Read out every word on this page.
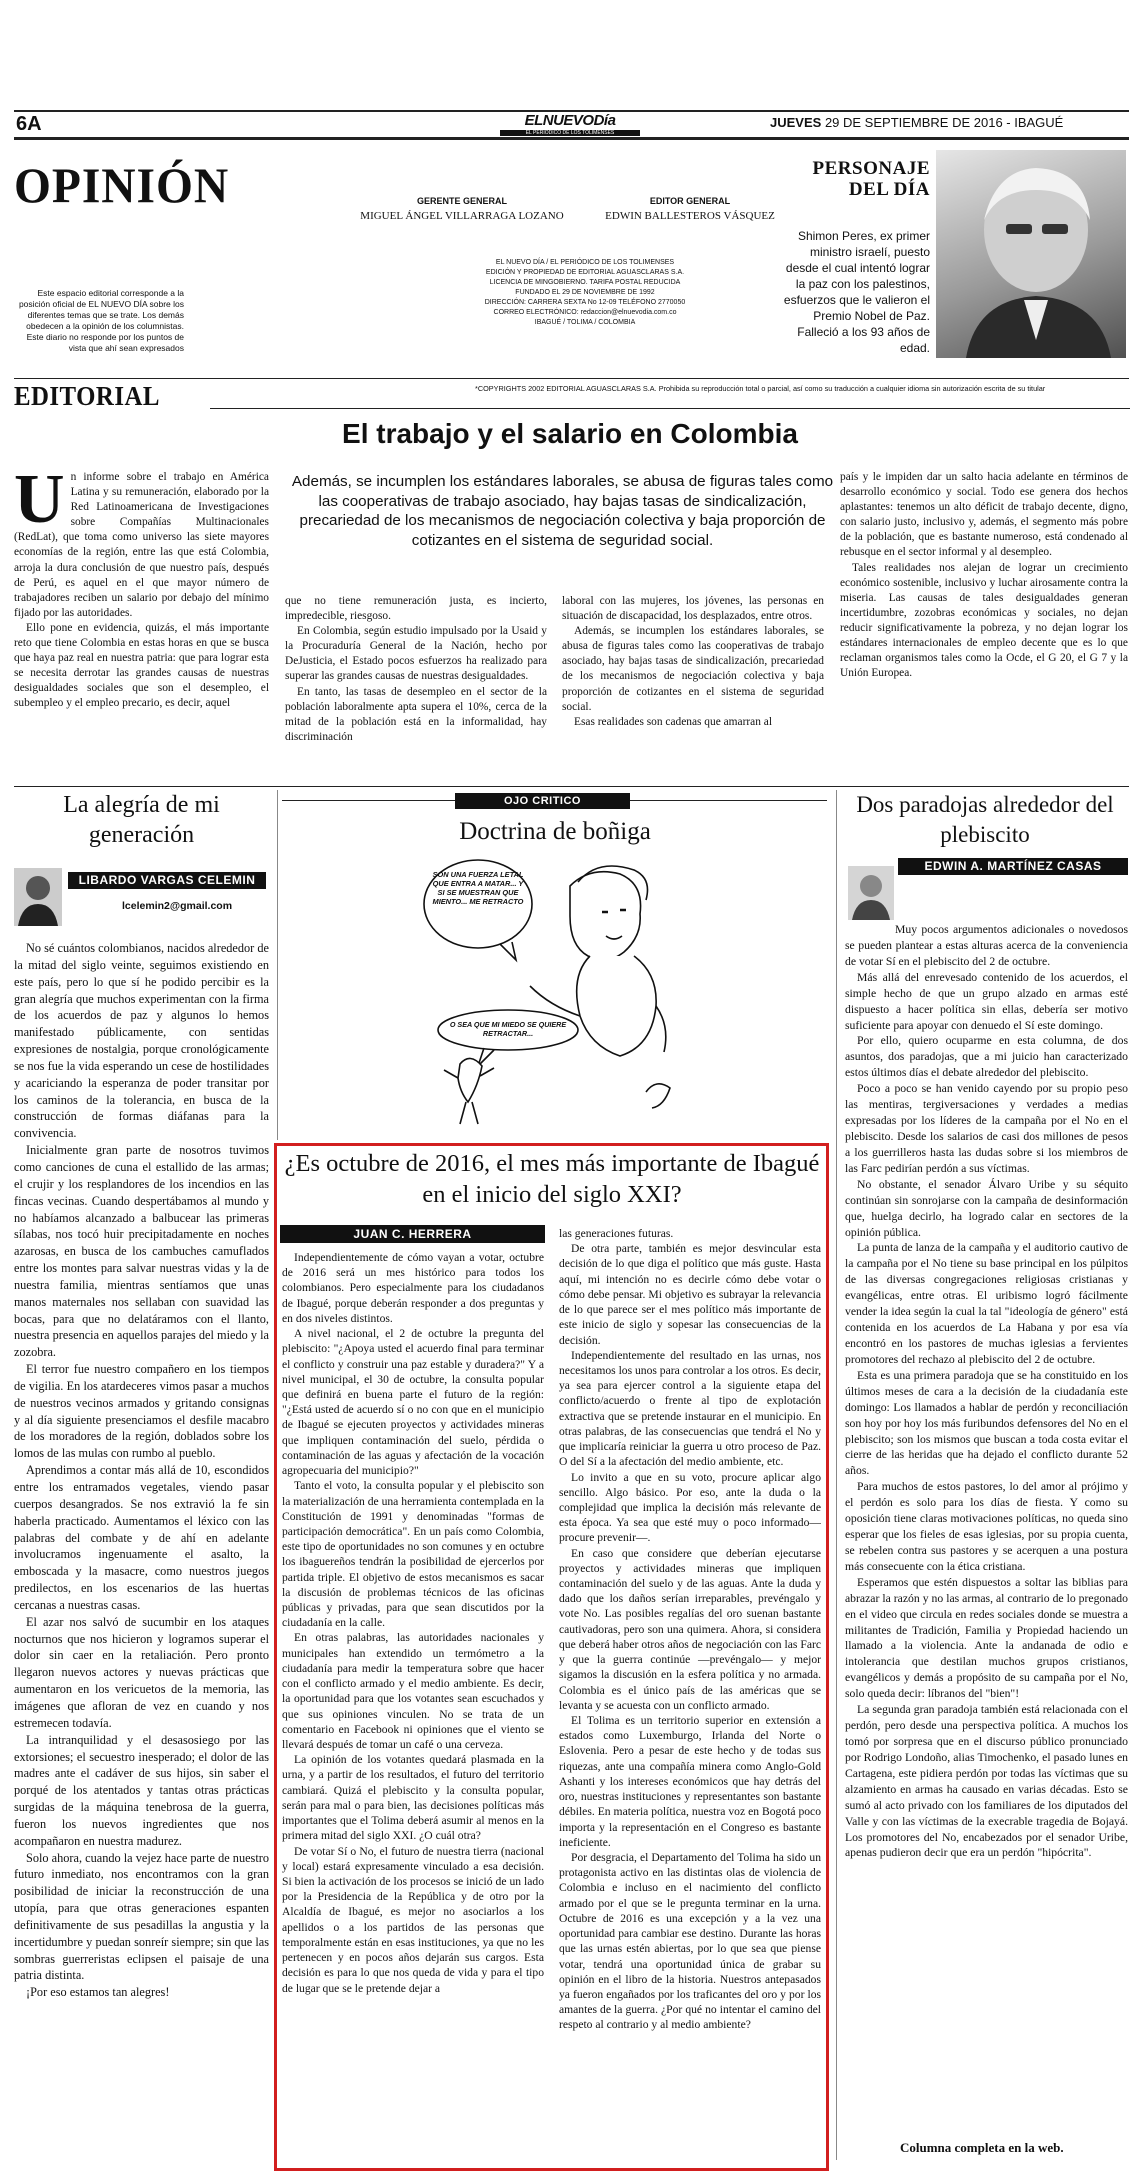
6A	ELNUEVODía
EL PERIÓDICO DE LOS TOLIMENSES
JUEVES 29 DE SEPTIEMBRE DE 2016 - IBAGUÉ
OPINIÓN
Este espacio editorial corresponde a la posición oficial de EL NUEVO DÍA sobre los diferentes temas que se trate. Los demás obedecen a la opinión de los columnistas. Este diario no responde por los puntos de vista que ahí sean expresados
GERENTE GENERAL
MIGUEL ÁNGEL VILLARRAGA LOZANO
EDITOR GENERAL
EDWIN BALLESTEROS VÁSQUEZ
EL NUEVO DÍA / EL PERIÓDICO DE LOS TOLIMENSES
EDICIÓN Y PROPIEDAD DE EDITORIAL AGUASCLARAS S.A.
LICENCIA DE MINGOBIERNO. TARIFA POSTAL REDUCIDA
FUNDADO EL 29 DE NOVIEMBRE DE 1992
DIRECCIÓN: CARRERA SEXTA No 12-09 TELÉFONO 2770050
CORREO ELECTRÓNICO: redaccion@elnuevodia.com.co
IBAGUÉ / TOLIMA / COLOMBIA
PERSONAJE
DEL DÍA
Shimon Peres, ex primer ministro israelí, puesto desde el cual intentó lograr la paz con los palestinos, esfuerzos que le valieron el Premio Nobel de Paz. Falleció a los 93 años de edad.
EDITORIAL	*COPYRIGHTS 2002 EDITORIAL AGUASCLARAS S.A. Prohibida su reproducción total o parcial, así como su traducción a cualquier idioma sin autorización escrita de su titular
El trabajo y el salario en Colombia
U n informe sobre el trabajo en América Latina y su remuneración, elaborado por la Red Latinoamericana de Investigaciones sobre Compañías Multinacionales (RedLat), que toma como universo las siete mayores economías de la región, entre las que está Colombia, arroja la dura conclusión de que nuestro país, después de Perú, es aquel en el que mayor número de trabajadores reciben un salario por debajo del mínimo fijado por las autoridades.

Ello pone en evidencia, quizás, el más importante reto que tiene Colombia en estas horas en que se busca que haya paz real en nuestra patria: que para lograr esta se necesita derrotar las grandes causas de nuestras desigualdades sociales que son el desempleo, el subempleo y el empleo precario, es decir, aquel

Además, se incumplen los estándares laborales, se abusa de figuras tales como las cooperativas de trabajo asociado, hay bajas tasas de sindicalización, precariedad de los mecanismos de negociación colectiva y baja proporción de cotizantes en el sistema de seguridad social.

que no tiene remuneración justa, es incierto, impredecible, riesgoso.

En Colombia, según estudio impulsado por la Usaid y la Procuraduría General de la Nación, hecho por DeJusticia, el Estado pocos esfuerzos ha realizado para superar las grandes causas de nuestras desigualdades.

En tanto, las tasas de desempleo en el sector de la población laboralmente apta supera el 10%, cerca de la mitad de la población está en la informalidad, hay discriminación

laboral con las mujeres, los jóvenes, las personas en situación de discapacidad, los desplazados, entre otros.

Además, se incumplen los estándares laborales, se abusa de figuras tales como las cooperativas de trabajo asociado, hay bajas tasas de sindicalización, precariedad de los mecanismos de negociación colectiva y baja proporción de cotizantes en el sistema de seguridad social.

Esas realidades son cadenas que amarran al

país y le impiden dar un salto hacia adelante en términos de desarrollo económico y social. Todo ese genera dos hechos aplastantes: tenemos un alto déficit de trabajo decente, digno, con salario justo, inclusivo y, además, el segmento más pobre de la población, que es bastante numeroso, está condenado al rebusque en el sector informal y al desempleo.

Tales realidades nos alejan de lograr un crecimiento económico sostenible, inclusivo y luchar airosamente contra la miseria. Las causas de tales desigualdades generan incertidumbre, zozobras económicas y sociales, no dejan reducir significativamente la pobreza, y no dejan lograr los estándares internacionales de empleo decente que es lo que reclaman organismos tales como la Ocde, el G 20, el G 7 y la Unión Europea.

La alegría de mi generación
LIBARDO VARGAS CELEMIN
lcelemin2@gmail.com

No sé cuántos colombianos, nacidos alrededor de la mitad del siglo veinte, seguimos existiendo en este país, pero lo que sí he podido percibir es la gran alegría que muchos experimentan con la firma de los acuerdos de paz y algunos lo hemos manifestado públicamente, con sentidas expresiones de nostalgia, porque cronológicamente se nos fue la vida esperando un cese de hostilidades y acariciando la esperanza de poder transitar por los caminos de la tolerancia, en busca de la construcción de formas diáfanas para la convivencia.

Inicialmente gran parte de nosotros tuvimos como canciones de cuna el estallido de las armas; el crujir y los resplandores de los incendios en las fincas vecinas. Cuando despertábamos al mundo y no habíamos alcanzado a balbucear las primeras sílabas, nos tocó huir precipitadamente en noches azarosas, en busca de los cambuches camuflados entre los montes para salvar nuestras vidas y la de nuestra familia, mientras sentíamos que unas manos maternales nos sellaban con suavidad las bocas, para que no delatáramos con el llanto, nuestra presencia en aquellos parajes del miedo y la zozobra.

El terror fue nuestro compañero en los tiempos de vigilia. En los atardeceres vimos pasar a muchos de nuestros vecinos armados y gritando consignas y al día siguiente presenciamos el desfile macabro de los moradores de la región, doblados sobre los lomos de las mulas con rumbo al pueblo.

Aprendimos a contar más allá de 10, escondidos entre los entramados vegetales, viendo pasar cuerpos desangrados. Se nos extravió la fe sin haberla practicado. Aumentamos el léxico con las palabras del combate y de ahí en adelante involucramos ingenuamente el asalto, la emboscada y la masacre, como nuestros juegos predilectos, en los escenarios de las huertas cercanas a nuestras casas.

El azar nos salvó de sucumbir en los ataques nocturnos que nos hicieron y logramos superar el dolor sin caer en la retaliación. Pero pronto llegaron nuevos actores y nuevas prácticas que aumentaron en los vericuetos de la memoria, las imágenes que afloran de vez en cuando y nos estremecen todavía.

La intranquilidad y el desasosiego por las extorsiones; el secuestro inesperado; el dolor de las madres ante el cadáver de sus hijos, sin saber el porqué de los atentados y tantas otras prácticas surgidas de la máquina tenebrosa de la guerra, fueron los nuevos ingredientes que nos acompañaron en nuestra madurez.

Solo ahora, cuando la vejez hace parte de nuestro futuro inmediato, nos encontramos con la gran posibilidad de iniciar la reconstrucción de una utopía, para que otras generaciones espanten definitivamente de sus pesadillas la angustia y la incertidumbre y puedan sonreír siempre; sin que las sombras guerreristas eclipsen el paisaje de una patria distinta.

¡Por eso estamos tan alegres!

OJO CRITICO
Doctrina de boñiga
SON UNA FUERZA LETAL QUE ENTRA A MATAR... Y SI SE MUESTRAN QUE MIENTO... ME RETRACTO
O SEA QUE MI MIEDO SE QUIERE RETRACTAR...
Dos paradojas alrededor del plebiscito
EDWIN A. MARTÍNEZ CASAS

Muy pocos argumentos adicionales o novedosos se pueden plantear a estas alturas acerca de la conveniencia de votar Sí en el plebiscito del 2 de octubre.

Más allá del enrevesado contenido de los acuerdos, el simple hecho de que un grupo alzado en armas esté dispuesto a hacer política sin ellas, debería ser motivo suficiente para apoyar con denuedo el Sí este domingo.

Por ello, quiero ocuparme en esta columna, de dos asuntos, dos paradojas, que a mi juicio han caracterizado estos últimos días el debate alrededor del plebiscito.

Poco a poco se han venido cayendo por su propio peso las mentiras, tergiversaciones y verdades a medias expresadas por los líderes de la campaña por el No en el plebiscito. Desde los salarios de casi dos millones de pesos a los guerrilleros hasta las dudas sobre si los miembros de las Farc pedirían perdón a sus víctimas.

No obstante, el senador Álvaro Uribe y su séquito continúan sin sonrojarse con la campaña de desinformación que, huelga decirlo, ha logrado calar en sectores de la opinión pública.

La punta de lanza de la campaña y el auditorio cautivo de la campaña por el No tiene su base principal en los púlpitos de las diversas congregaciones religiosas cristianas y evangélicas, entre otras. El uribismo logró fácilmente vender la idea según la cual la tal "ideología de género" está contenida en los acuerdos de La Habana y por esa vía encontró en los pastores de muchas iglesias a fervientes promotores del rechazo al plebiscito del 2 de octubre.

Esta es una primera paradoja que se ha constituido en los últimos meses de cara a la decisión de la ciudadanía este domingo: Los llamados a hablar de perdón y reconciliación son hoy por hoy los más furibundos defensores del No en el plebiscito; son los mismos que buscan a toda costa evitar el cierre de las heridas que ha dejado el conflicto durante 52 años.

Para muchos de estos pastores, lo del amor al prójimo y el perdón es solo para los días de fiesta. Y como su oposición tiene claras motivaciones políticas, no queda sino esperar que los fieles de esas iglesias, por su propia cuenta, se rebelen contra sus pastores y se acerquen a una postura más consecuente con la ética cristiana.

Esperamos que estén dispuestos a soltar las biblias para abrazar la razón y no las armas, al contrario de lo pregonado en el video que circula en redes sociales donde se muestra a militantes de Tradición, Familia y Propiedad haciendo un llamado a la violencia. Ante la andanada de odio e intolerancia que destilan muchos grupos cristianos, evangélicos y demás a propósito de su campaña por el No, solo queda decir: líbranos del "bien"!

La segunda gran paradoja también está relacionada con el perdón, pero desde una perspectiva política. A muchos los tomó por sorpresa que en el discurso público pronunciado por Rodrigo Londoño, alias Timochenko, el pasado lunes en Cartagena, este pidiera perdón por todas las víctimas que su alzamiento en armas ha causado en varias décadas. Esto se sumó al acto privado con los familiares de los diputados del Valle y con las víctimas de la execrable tragedia de Bojayá. Los promotores del No, encabezados por el senador Uribe, apenas pudieron decir que era un perdón "hipócrita".

Columna completa en la web.
¿Es octubre de 2016, el mes más importante de Ibagué en el inicio del siglo XXI?
JUAN C. HERRERA

Independientemente de cómo vayan a votar, octubre de 2016 será un mes histórico para todos los colombianos. Pero especialmente para los ciudadanos de Ibagué, porque deberán responder a dos preguntas y en dos niveles distintos.

A nivel nacional, el 2 de octubre la pregunta del plebiscito: "¿Apoya usted el acuerdo final para terminar el conflicto y construir una paz estable y duradera?" Y a nivel municipal, el 30 de octubre, la consulta popular que definirá en buena parte el futuro de la región: "¿Está usted de acuerdo sí o no con que en el municipio de Ibagué se ejecuten proyectos y actividades mineras que impliquen contaminación del suelo, pérdida o contaminación de las aguas y afectación de la vocación agropecuaria del municipio?"

Tanto el voto, la consulta popular y el plebiscito son la materialización de una herramienta contemplada en la Constitución de 1991 y denominadas "formas de participación democrática". En un país como Colombia, este tipo de oportunidades no son comunes y en octubre los ibaguereños tendrán la posibilidad de ejercerlos por partida triple. El objetivo de estos mecanismos es sacar la discusión de problemas técnicos de las oficinas públicas y privadas, para que sean discutidos por la ciudadanía en la calle.

En otras palabras, las autoridades nacionales y municipales han extendido un termómetro a la ciudadanía para medir la temperatura sobre que hacer con el conflicto armado y el medio ambiente. Es decir, la oportunidad para que los votantes sean escuchados y que sus opiniones vinculen. No se trata de un comentario en Facebook ni opiniones que el viento se llevará después de tomar un café o una cerveza.

La opinión de los votantes quedará plasmada en la urna, y a partir de los resultados, el futuro del territorio cambiará. Quizá el plebiscito y la consulta popular, serán para mal o para bien, las decisiones políticas más importantes que el Tolima deberá asumir al menos en la primera mitad del siglo XXI. ¿O cuál otra?

De votar Sí o No, el futuro de nuestra tierra (nacional y local) estará expresamente vinculado a esa decisión. Si bien la activación de los procesos se inició de un lado por la Presidencia de la República y de otro por la Alcaldía de Ibagué, es mejor no asociarlos a los apellidos o a los partidos de las personas que temporalmente están en esas instituciones, ya que no les pertenecen y en pocos años dejarán sus cargos. Esta decisión es para lo que nos queda de vida y para el tipo de lugar que se le pretende dejar a

las generaciones futuras.

De otra parte, también es mejor desvincular esta decisión de lo que diga el político que más guste. Hasta aquí, mi intención no es decirle cómo debe votar o cómo debe pensar. Mi objetivo es subrayar la relevancia de lo que parece ser el mes político más importante de este inicio de siglo y sopesar las consecuencias de la decisión.

Independientemente del resultado en las urnas, nos necesitamos los unos para controlar a los otros. Es decir, ya sea para ejercer control a la siguiente etapa del conflicto/acuerdo o frente al tipo de explotación extractiva que se pretende instaurar en el municipio. En otras palabras, de las consecuencias que tendrá el No y que implicaría reiniciar la guerra u otro proceso de Paz. O del Sí a la afectación del medio ambiente, etc.

Lo invito a que en su voto, procure aplicar algo sencillo. Algo básico. Por eso, ante la duda o la complejidad que implica la decisión más relevante de esta época. Ya sea que esté muy o poco informado—procure prevenir—.

En caso que considere que deberían ejecutarse proyectos y actividades mineras que impliquen contaminación del suelo y de las aguas. Ante la duda y dado que los daños serían irreparables, prevéngalo y vote No. Las posibles regalías del oro suenan bastante cautivadoras, pero son una quimera. Ahora, si considera que deberá haber otros años de negociación con las Farc y que la guerra continúe —prevéngalo— y mejor sigamos la discusión en la esfera política y no armada. Colombia es el único país de las américas que se levanta y se acuesta con un conflicto armado.

El Tolima es un territorio superior en extensión a estados como Luxemburgo, Irlanda del Norte o Eslovenia. Pero a pesar de este hecho y de todas sus riquezas, ante una compañía minera como Anglo-Gold Ashanti y los intereses económicos que hay detrás del oro, nuestras instituciones y representantes son bastante débiles. En materia política, nuestra voz en Bogotá poco importa y la representación en el Congreso es bastante ineficiente.

Por desgracia, el Departamento del Tolima ha sido un protagonista activo en las distintas olas de violencia de Colombia e incluso en el nacimiento del conflicto armado por el que se le pregunta terminar en la urna. Octubre de 2016 es una excepción y a la vez una oportunidad para cambiar ese destino. Durante las horas que las urnas estén abiertas, por lo que sea que piense votar, tendrá una oportunidad única de grabar su opinión en el libro de la historia. Nuestros antepasados ya fueron engañados por los traficantes del oro y por los amantes de la guerra. ¿Por qué no intentar el camino del respeto al contrario y al medio ambiente?
